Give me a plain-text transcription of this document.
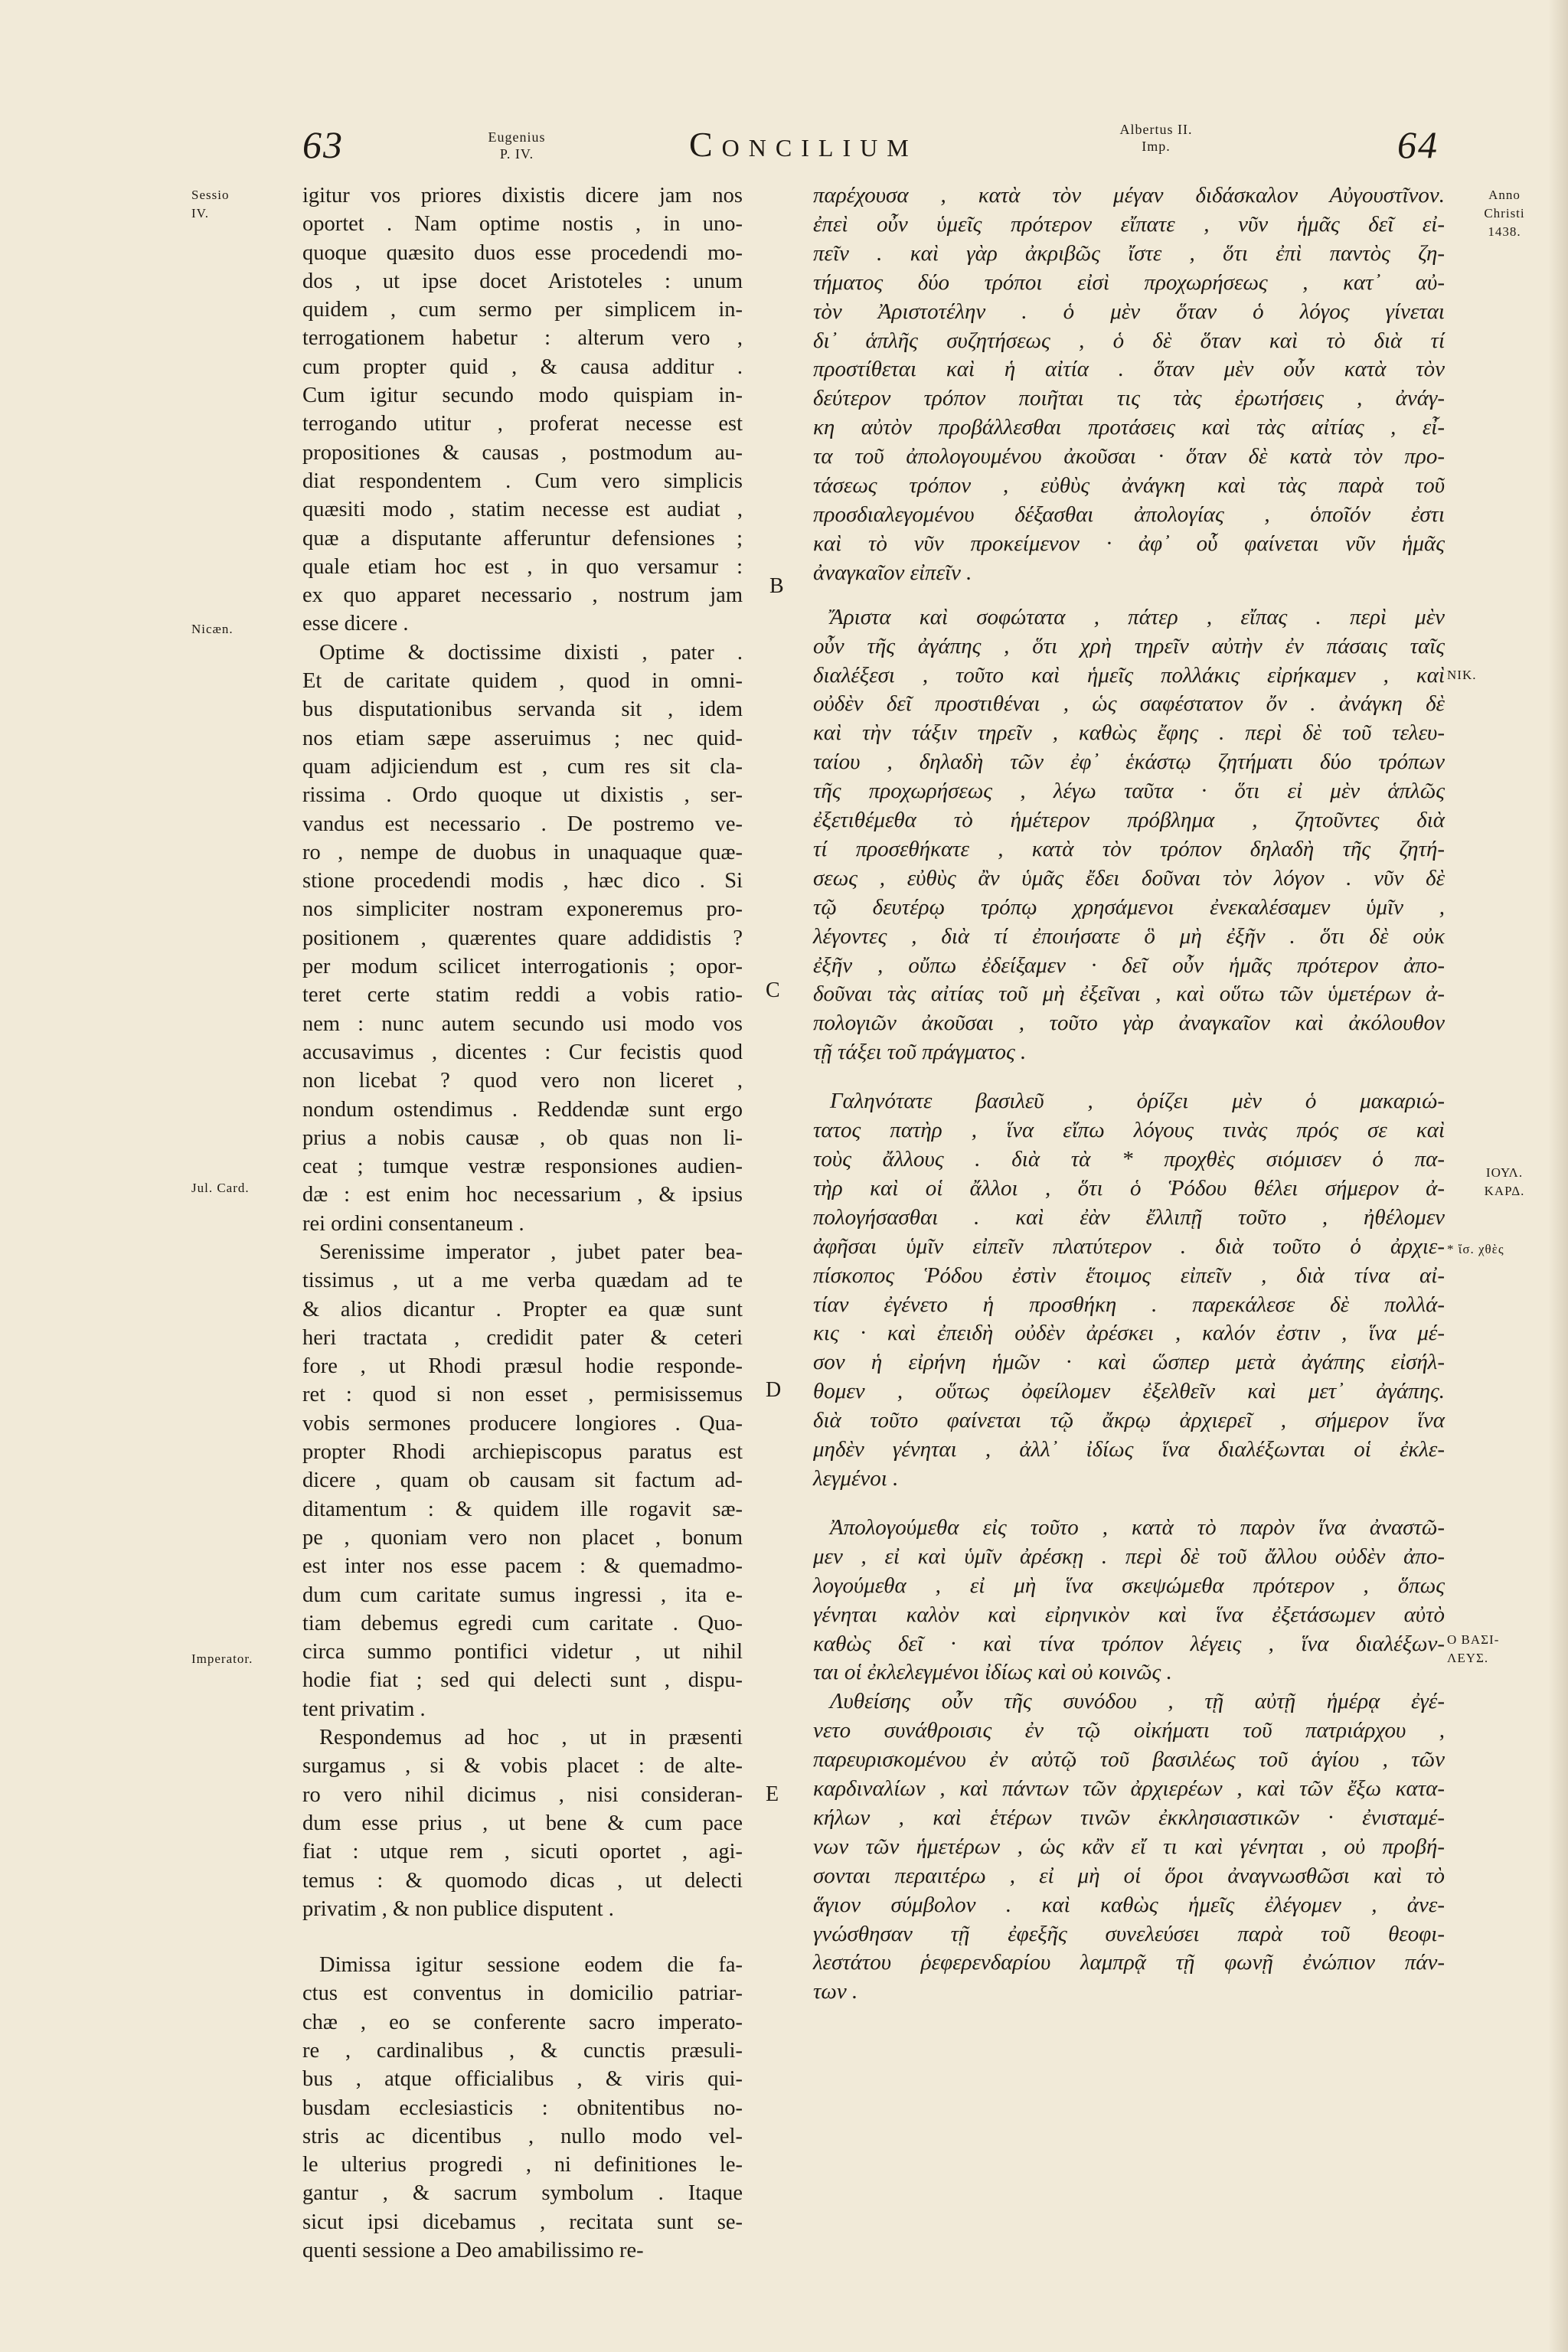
63	Eugenius
P. IV.	Concilium	Albertus II.
Imp.	64
Sessio
IV.
Nicæn.
Jul. Card.
Imperator.
Anno
Christi
1438.
NIK.
ΙΟΥΛ.
ΚΑΡΔ.
* ἴσ. χθὲς
Ο ΒΑΣΙ-
ΛΕΥΣ.
B
C
D
E
igitur vos priores dixistis dicere jam nos
oportet . Nam optime nostis , in uno-
quoque quæsito duos esse procedendi mo-
dos , ut ipse docet Aristoteles : unum
quidem , cum sermo per simplicem in-
terrogationem habetur : alterum vero ,
cum propter quid , & causa additur .
Cum igitur secundo modo quispiam in-
terrogando utitur , proferat necesse est
propositiones & causas , postmodum au-
diat respondentem . Cum vero simplicis
quæsiti modo , statim necesse est audiat ,
quæ a disputante afferuntur defensiones ;
quale etiam hoc est , in quo versamur :
ex quo apparet necessario , nostrum jam
esse dicere .
Optime & doctissime dixisti , pater .
Et de caritate quidem , quod in omni-
bus disputationibus servanda sit , idem
nos etiam sæpe asseruimus ; nec quid-
quam adjiciendum est , cum res sit cla-
rissima . Ordo quoque ut dixistis , ser-
vandus est necessario . De postremo ve-
ro , nempe de duobus in unaquaque quæ-
stione procedendi modis , hæc dico . Si
nos simpliciter nostram exponeremus pro-
positionem , quærentes quare addidistis ?
per modum scilicet interrogationis ; opor-
teret certe statim reddi a vobis ratio-
nem : nunc autem secundo usi modo vos
accusavimus , dicentes : Cur fecistis quod
non licebat ? quod vero non liceret ,
nondum ostendimus . Reddendæ sunt ergo
prius a nobis causæ , ob quas non li-
ceat ; tumque vestræ responsiones audien-
dæ : est enim hoc necessarium , & ipsius
rei ordini consentaneum .
Serenissime imperator , jubet pater bea-
tissimus , ut a me verba quædam ad te
& alios dicantur . Propter ea quæ sunt
heri tractata , credidit pater & ceteri
fore , ut Rhodi præsul hodie responde-
ret : quod si non esset , permisissemus
vobis sermones producere longiores . Qua-
propter Rhodi archiepiscopus paratus est
dicere , quam ob causam sit factum ad-
ditamentum : & quidem ille rogavit sæ-
pe , quoniam vero non placet , bonum
est inter nos esse pacem : & quemadmo-
dum cum caritate sumus ingressi , ita e-
tiam debemus egredi cum caritate . Quo-
circa summo pontifici videtur , ut nihil
hodie fiat ; sed qui delecti sunt , dispu-
tent privatim .
Respondemus ad hoc , ut in præsenti
surgamus , si & vobis placet : de alte-
ro vero nihil dicimus , nisi consideran-
dum esse prius , ut bene & cum pace
fiat : utque rem , sicuti oportet , agi-
temus : & quomodo dicas , ut delecti
privatim , & non publice disputent .
Dimissa igitur sessione eodem die fa-
ctus est conventus in domicilio patriar-
chæ , eo se conferente sacro imperato-
re , cardinalibus , & cunctis præsuli-
bus , atque officialibus , & viris qui-
busdam ecclesiasticis : obnitentibus no-
stris ac dicentibus , nullo modo vel-
le ulterius progredi , ni definitiones le-
gantur , & sacrum symbolum . Itaque
sicut ipsi dicebamus , recitata sunt se-
quenti sessione a Deo amabilissimo re-
παρέχουσα , κατὰ τὸν μέγαν διδάσκαλον Αὐγουστῖνον.
ἐπεὶ οὖν ὑμεῖς πρότερον εἴπατε , νῦν ἡμᾶς δεῖ εἰ-
πεῖν . καὶ γὰρ ἀκριβῶς ἴστε , ὅτι ἐπὶ παντὸς ζη-
τήματος δύο τρόποι εἰσὶ προχωρήσεως , κατ᾽ αὐ-
τὸν Ἀριστοτέλην . ὁ μὲν ὅταν ὁ λόγος γίνεται
δι᾽ ἁπλῆς συζητήσεως , ὁ δὲ ὅταν καὶ τὸ διὰ τί
προστίθεται καὶ ἡ αἰτία . ὅταν μὲν οὖν κατὰ τὸν
δεύτερον τρόπον ποιῆται τις τὰς ἐρωτήσεις , ἀνάγ-
κη αὐτὸν προβάλλεσθαι προτάσεις καὶ τὰς αἰτίας , εἶ-
τα τοῦ ἀπολογουμένου ἀκοῦσαι · ὅταν δὲ κατὰ τὸν προ-
τάσεως τρόπον , εὐθὺς ἀνάγκη καὶ τὰς παρὰ τοῦ
προσδιαλεγομένου δέξασθαι ἀπολογίας , ὁποῖόν ἐστι
καὶ τὸ νῦν προκείμενον · ἀφ᾽ οὗ φαίνεται νῦν ἡμᾶς
ἀναγκαῖον εἰπεῖν .
Ἄριστα καὶ σοφώτατα , πάτερ , εἴπας . περὶ μὲν
οὖν τῆς ἀγάπης , ὅτι χρὴ τηρεῖν αὐτὴν ἐν πάσαις ταῖς
διαλέξεσι , τοῦτο καὶ ἡμεῖς πολλάκις εἰρήκαμεν , καὶ
οὐδὲν δεῖ προστιθέναι , ὡς σαφέστατον ὄν . ἀνάγκη δὲ
καὶ τὴν τάξιν τηρεῖν , καθὼς ἔφης . περὶ δὲ τοῦ τελευ-
ταίου , δηλαδὴ τῶν ἐφ᾽ ἑκάστῳ ζητήματι δύο τρόπων
τῆς προχωρήσεως , λέγω ταῦτα · ὅτι εἰ μὲν ἁπλῶς
ἐξετιθέμεθα τὸ ἡμέτερον πρόβλημα , ζητοῦντες διὰ
τί προσεθήκατε , κατὰ τὸν τρόπον δηλαδὴ τῆς ζητή-
σεως , εὐθὺς ἂν ὑμᾶς ἔδει δοῦναι τὸν λόγον . νῦν δὲ
τῷ δευτέρῳ τρόπῳ χρησάμενοι ἐνεκαλέσαμεν ὑμῖν ,
λέγοντες , διὰ τί ἐποιήσατε ὃ μὴ ἐξῆν . ὅτι δὲ οὐκ
ἐξῆν , οὔπω ἐδείξαμεν · δεῖ οὖν ἡμᾶς πρότερον ἀπο-
δοῦναι τὰς αἰτίας τοῦ μὴ ἐξεῖναι , καὶ οὕτω τῶν ὑμετέρων ἀ-
πολογιῶν ἀκοῦσαι , τοῦτο γὰρ ἀναγκαῖον καὶ ἀκόλουθον
τῇ τάξει τοῦ πράγματος .
Γαληνότατε βασιλεῦ , ὁρίζει μὲν ὁ μακαριώ-
τατος πατὴρ , ἵνα εἴπω λόγους τινὰς πρός σε καὶ
τοὺς ἄλλους . διὰ τὰ * προχθὲς σιόμισεν ὁ πα-
τὴρ καὶ οἱ ἄλλοι , ὅτι ὁ Ῥόδου θέλει σήμερον ἀ-
πολογήσασθαι . καὶ ἐὰν ἔλλιπῇ τοῦτο , ἠθέλομεν
ἀφῆσαι ὑμῖν εἰπεῖν πλατύτερον . διὰ τοῦτο ὁ ἀρχιε-
πίσκοπος Ῥόδου ἐστὶν ἕτοιμος εἰπεῖν , διὰ τίνα αἰ-
τίαν ἐγένετο ἡ προσθήκη . παρεκάλεσε δὲ πολλά-
κις · καὶ ἐπειδὴ οὐδὲν ἀρέσκει , καλόν ἐστιν , ἵνα μέ-
σον ἡ εἰρήνη ἡμῶν · καὶ ὥσπερ μετὰ ἀγάπης εἰσήλ-
θομεν , οὕτως ὀφείλομεν ἐξελθεῖν καὶ μετ᾽ ἀγάπης.
διὰ τοῦτο φαίνεται τῷ ἄκρῳ ἀρχιερεῖ , σήμερον ἵνα
μηδὲν γένηται , ἀλλ᾽ ἰδίως ἵνα διαλέξωνται οἱ ἐκλε-
λεγμένοι .
Ἀπολογούμεθα εἰς τοῦτο , κατὰ τὸ παρὸν ἵνα ἀναστῶ-
μεν , εἰ καὶ ὑμῖν ἀρέσκῃ . περὶ δὲ τοῦ ἄλλου οὐδὲν ἀπο-
λογούμεθα , εἰ μὴ ἵνα σκεψώμεθα πρότερον , ὅπως
γένηται καλὸν καὶ εἰρηνικὸν καὶ ἵνα ἐξετάσωμεν αὐτὸ
καθὼς δεῖ · καὶ τίνα τρόπον λέγεις , ἵνα διαλέξων-
ται οἱ ἐκλελεγμένοι ἰδίως καὶ οὐ κοινῶς .
Λυθείσης οὖν τῆς συνόδου , τῇ αὐτῇ ἡμέρᾳ ἐγέ-
νετο συνάθροισις ἐν τῷ οἰκήματι τοῦ πατριάρχου ,
παρευρισκομένου ἐν αὐτῷ τοῦ βασιλέως τοῦ ἁγίου , τῶν
καρδιναλίων , καὶ πάντων τῶν ἀρχιερέων , καὶ τῶν ἔξω κατα-
κήλων , καὶ ἑτέρων τινῶν ἐκκλησιαστικῶν · ἐνισταμέ-
νων τῶν ἡμετέρων , ὡς κἂν εἴ τι καὶ γένηται , οὐ προβή-
σονται περαιτέρω , εἰ μὴ οἱ ὅροι ἀναγνωσθῶσι καὶ τὸ
ἅγιον σύμβολον . καὶ καθὼς ἡμεῖς ἐλέγομεν , ἀνε-
γνώσθησαν τῇ ἐφεξῆς συνελεύσει παρὰ τοῦ θεοφι-
λεστάτου ῥεφερενδαρίου λαμπρᾷ τῇ φωνῇ ἐνώπιον πάν-
των .
